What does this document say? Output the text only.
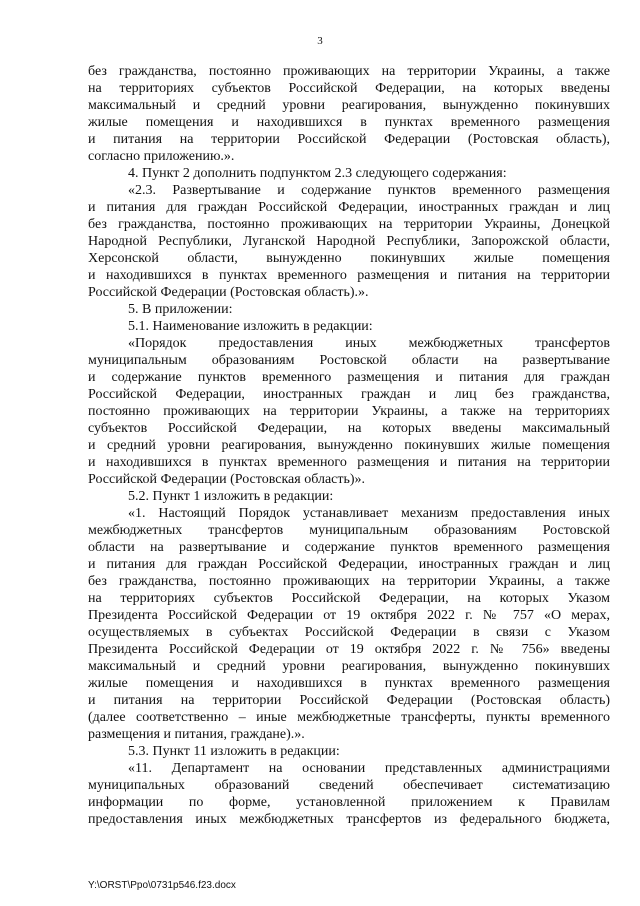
3
без гражданства, постоянно проживающих на территории Украины, а также
на территориях субъектов Российской Федерации, на которых введены
максимальный и средний уровни реагирования, вынужденно покинувших
жилые помещения и находившихся в пунктах временного размещения
и питания на территории Российской Федерации (Ростовская область),
согласно приложению.».
4. Пункт 2 дополнить подпунктом 2.3 следующего содержания:
«2.3. Развертывание и содержание пунктов временного размещения
и питания для граждан Российской Федерации, иностранных граждан и лиц
без гражданства, постоянно проживающих на территории Украины, Донецкой
Народной Республики, Луганской Народной Республики, Запорожской области,
Херсонской области, вынужденно покинувших жилые помещения
и находившихся в пунктах временного размещения и питания на территории
Российской Федерации (Ростовская область).».
5. В приложении:
5.1. Наименование изложить в редакции:
«Порядок предоставления иных межбюджетных трансфертов
муниципальным образованиям Ростовской области на развертывание
и содержание пунктов временного размещения и питания для граждан
Российской Федерации, иностранных граждан и лиц без гражданства,
постоянно проживающих на территории Украины, а также на территориях
субъектов Российской Федерации, на которых введены максимальный
и средний уровни реагирования, вынужденно покинувших жилые помещения
и находившихся в пунктах временного размещения и питания на территории
Российской Федерации (Ростовская область)».
5.2. Пункт 1 изложить в редакции:
«1. Настоящий Порядок устанавливает механизм предоставления иных
межбюджетных трансфертов муниципальным образованиям Ростовской
области на развертывание и содержание пунктов временного размещения
и питания для граждан Российской Федерации, иностранных граждан и лиц
без гражданства, постоянно проживающих на территории Украины, а также
на территориях субъектов Российской Федерации, на которых Указом
Президента Российской Федерации от 19 октября 2022 г. № 757 «О мерах,
осуществляемых в субъектах Российской Федерации в связи с Указом
Президента Российской Федерации от 19 октября 2022 г. № 756» введены
максимальный и средний уровни реагирования, вынужденно покинувших
жилые помещения и находившихся в пунктах временного размещения
и питания на территории Российской Федерации (Ростовская область)
(далее соответственно – иные межбюджетные трансферты, пункты временного
размещения и питания, граждане).».
5.3. Пункт 11 изложить в редакции:
«11. Департамент на основании представленных администрациями
муниципальных образований сведений обеспечивает систематизацию
информации по форме, установленной приложением к Правилам
предоставления иных межбюджетных трансфертов из федерального бюджета,
Y:\ORST\Ppo\0731p546.f23.docx
